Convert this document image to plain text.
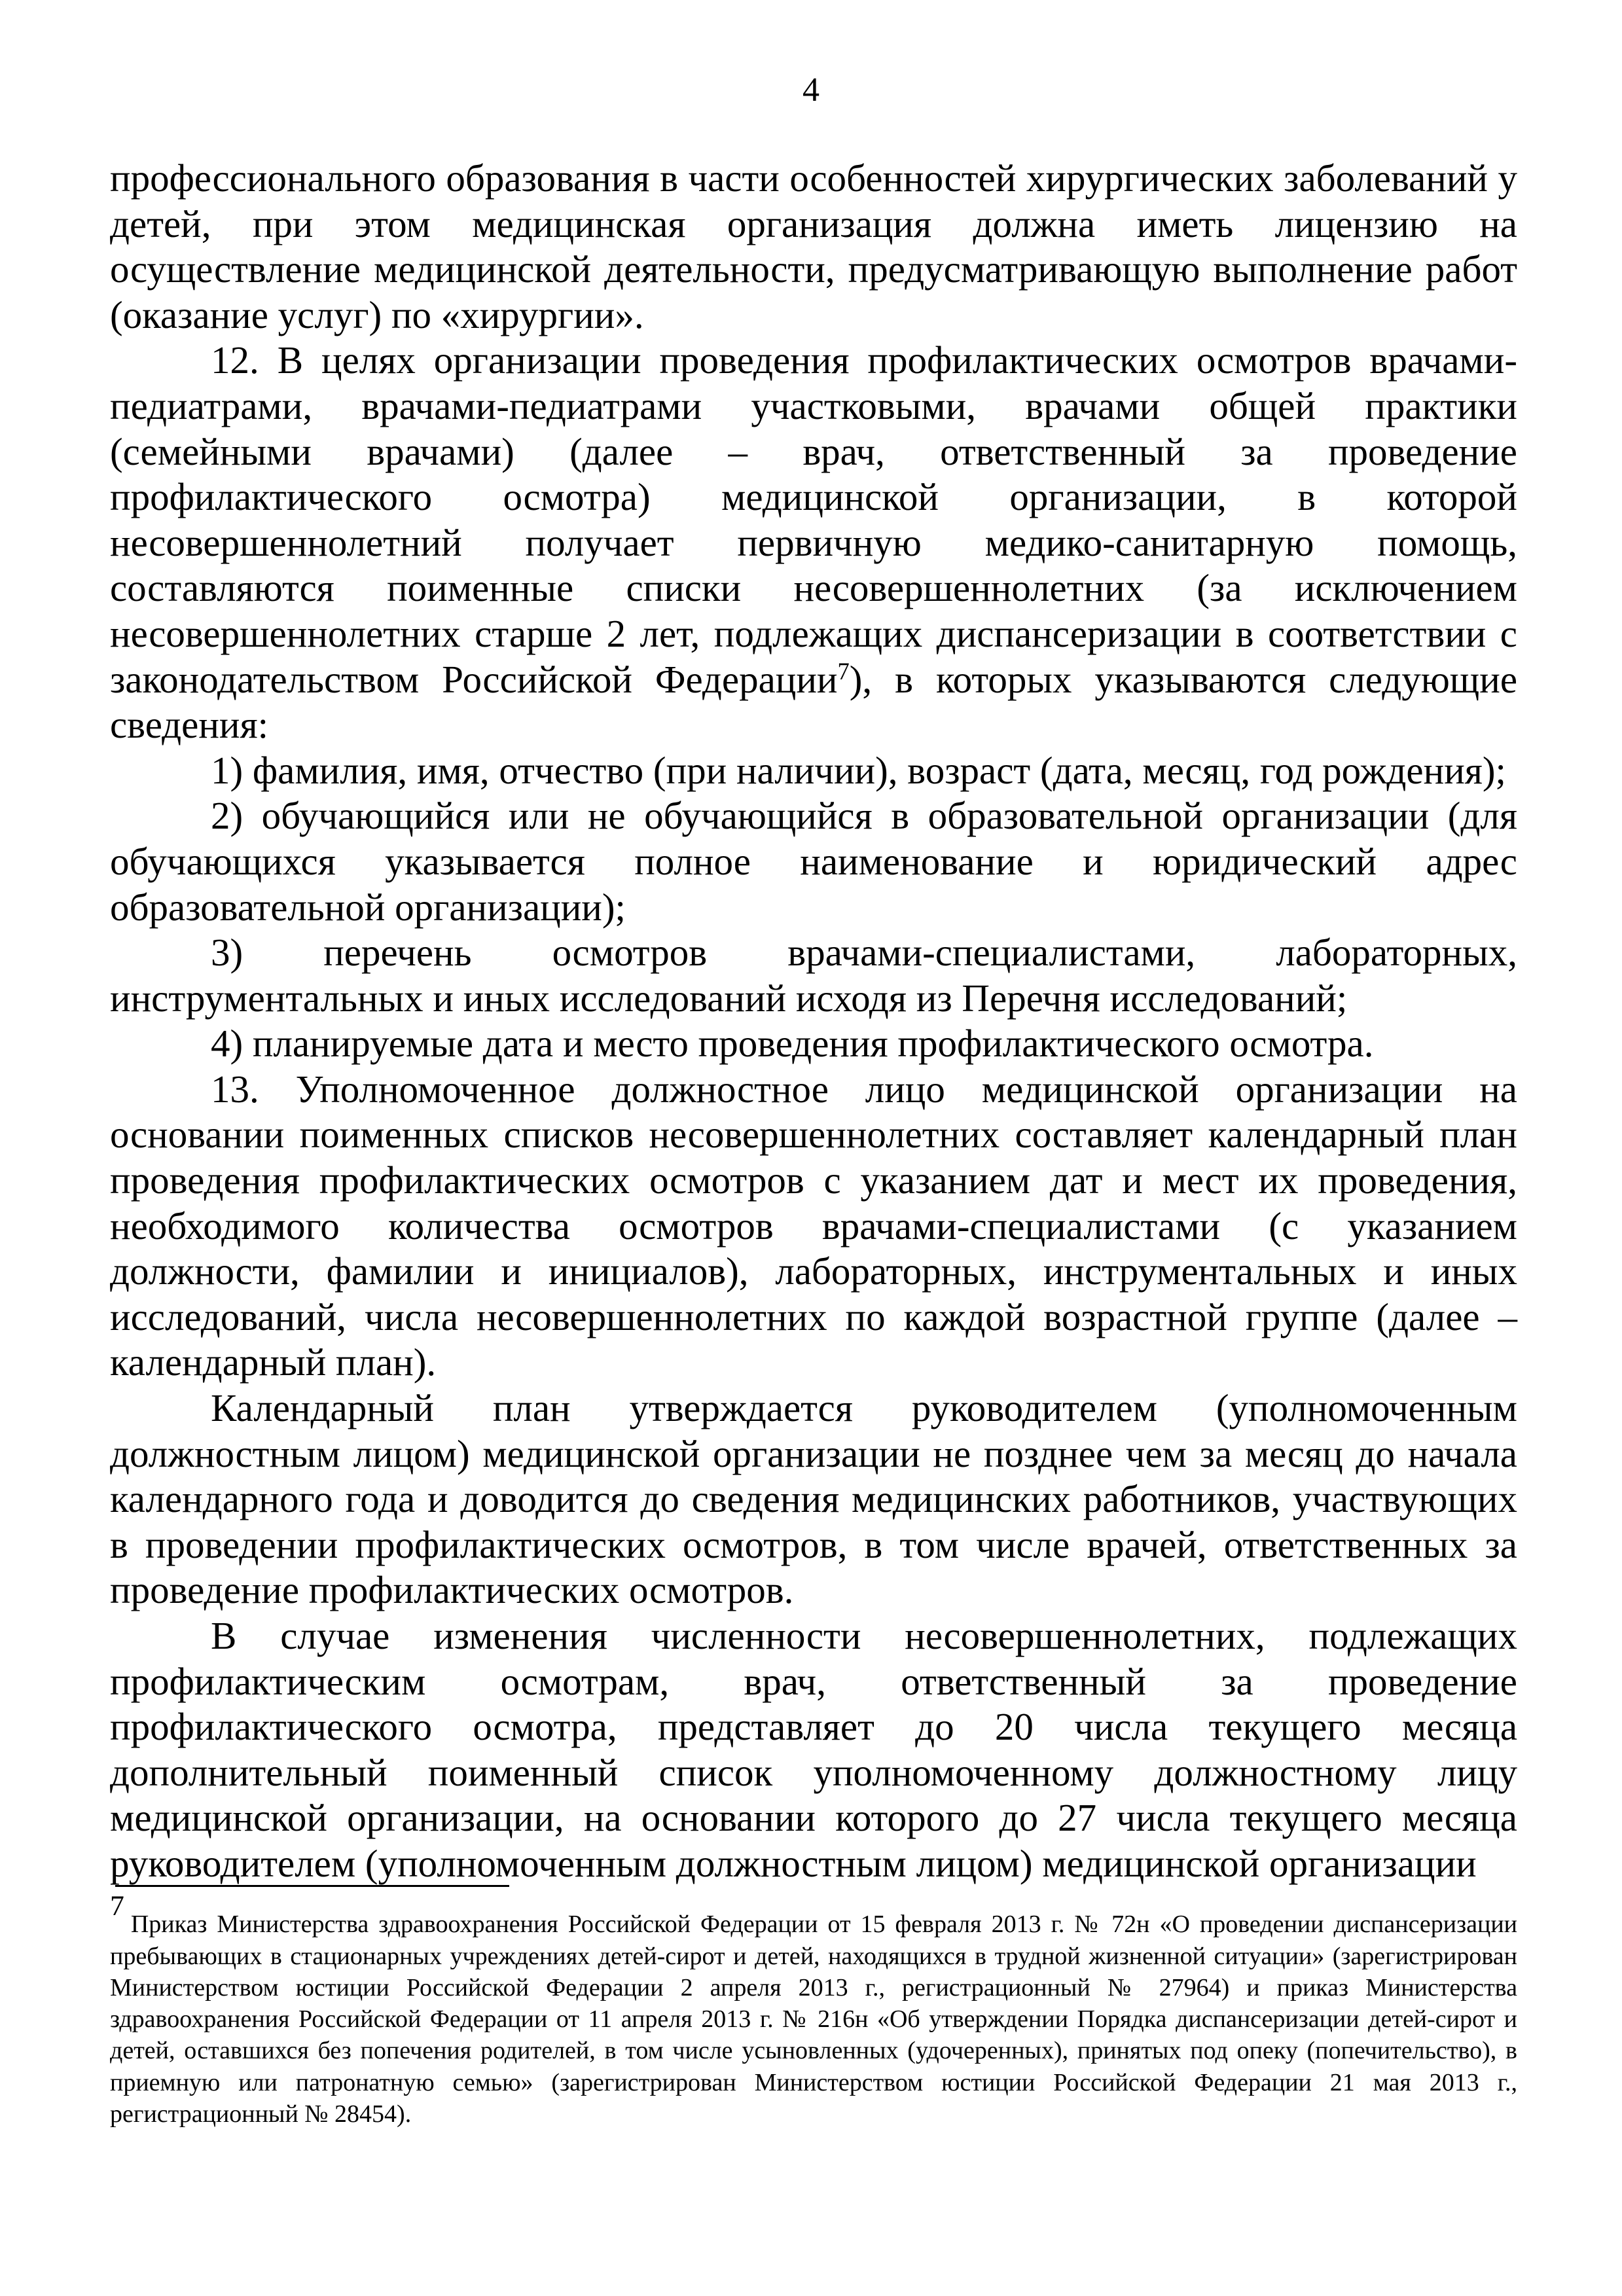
4

профессионального образования в части особенностей хирургических заболеваний у детей, при этом медицинская организация должна иметь лицензию на осуществление медицинской деятельности, предусматривающую выполнение работ (оказание услуг) по «хирургии».

12. В целях организации проведения профилактических осмотров врачами-педиатрами, врачами-педиатрами участковыми, врачами общей практики (семейными врачами) (далее – врач, ответственный за проведение профилактического осмотра) медицинской организации, в которой несовершеннолетний получает первичную медико-санитарную помощь, составляются поименные списки несовершеннолетних (за исключением несовершеннолетних старше 2 лет, подлежащих диспансеризации в соответствии с законодательством Российской Федерации$^7$), в которых указываются следующие сведения:

1) фамилия, имя, отчество (при наличии), возраст (дата, месяц, год рождения);

2) обучающийся или не обучающийся в образовательной организации (для обучающихся указывается полное наименование и юридический адрес образовательной организации);

3) перечень осмотров врачами-специалистами, лабораторных, инструментальных и иных исследований исходя из Перечня исследований;

4) планируемые дата и место проведения профилактического осмотра.

13. Уполномоченное должностное лицо медицинской организации на основании поименных списков несовершеннолетних составляет календарный план проведения профилактических осмотров с указанием дат и мест их проведения, необходимого количества осмотров врачами-специалистами (с указанием должности, фамилии и инициалов), лабораторных, инструментальных и иных исследований, числа несовершеннолетних по каждой возрастной группе (далее – календарный план).

Календарный план утверждается руководителем (уполномоченным должностным лицом) медицинской организации не позднее чем за месяц до начала календарного года и доводится до сведения медицинских работников, участвующих в проведении профилактических осмотров, в том числе врачей, ответственных за проведение профилактических осмотров.

В случае изменения численности несовершеннолетних, подлежащих профилактическим осмотрам, врач, ответственный за проведение профилактического осмотра, представляет до 20 числа текущего месяца дополнительный поименный список уполномоченному должностному лицу медицинской организации, на основании которого до 27 числа текущего месяца руководителем (уполномоченным должностным лицом) медицинской организации

$^7$Приказ Министерства здравоохранения Российской Федерации от 15 февраля 2013 г. № 72н «О проведении диспансеризации пребывающих в стационарных учреждениях детей-сирот и детей, находящихся в трудной жизненной ситуации» (зарегистрирован Министерством юстиции Российской Федерации 2 апреля 2013 г., регистрационный № 27964) и приказ Министерства здравоохранения Российской Федерации от 11 апреля 2013 г. № 216н «Об утверждении Порядка диспансеризации детей-сирот и детей, оставшихся без попечения родителей, в том числе усыновленных (удочеренных), принятых под опеку (попечительство), в приемную или патронатную семью» (зарегистрирован Министерством юстиции Российской Федерации 21 мая 2013 г., регистрационный № 28454).
